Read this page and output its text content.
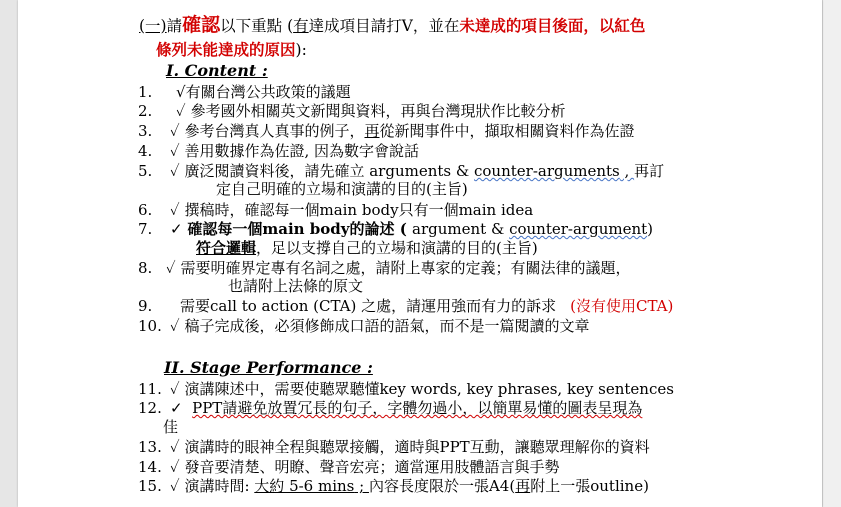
(一)請確認以下重點 (有達成項目請打V，並在未達成的項目後面，以紅色
條列未能達成的原因):
I. Content :
1. √有關台灣公共政策的議題
2. ✓ 參考國外相關英文新聞與資料，再與台灣現狀作比較分析
3. ✓ 參考台灣真人真事的例子，再從新聞事件中，擷取相關資料作為佐證
4. ✓ 善用數據作為佐證, 因為數字會說話
5. ✓ 廣泛閱讀資料後，請先確立 arguments & counter-arguments , 再訂
定自己明確的立場和演講的目的(主旨)
6. ✓ 撰稿時，確認每一個main body只有一個main idea
7. ✓ 確認每一個main body的論述 ( argument & counter-argument)
符合邏輯，足以支撐自己的立場和演講的目的(主旨)
8. ✓ 需要明確界定專有名詞之處，請附上專家的定義；有關法律的議題，
也請附上法條的原文
9. 需要call to action (CTA) 之處，請運用強而有力的訴求 (沒有使用CTA)
10. ✓ 稿子完成後，必須修飾成口語的語氣，而不是一篇閱讀的文章
II. Stage Performance :
11. ✓ 演講陳述中，需要使聽眾聽懂key words, key phrases, key sentences
12. ✓ PPT請避免放置冗長的句子，字體勿過小，以簡單易懂的圖表呈現為
佳
13. ✓ 演講時的眼神全程與聽眾接觸，適時與PPT互動，讓聽眾理解你的資料
14. ✓ 發音要清楚、明瞭、聲音宏亮；適當運用肢體語言與手勢
15. ✓ 演講時間: 大約 5-6 mins ; 內容長度限於一張A4(再附上一張outline)
